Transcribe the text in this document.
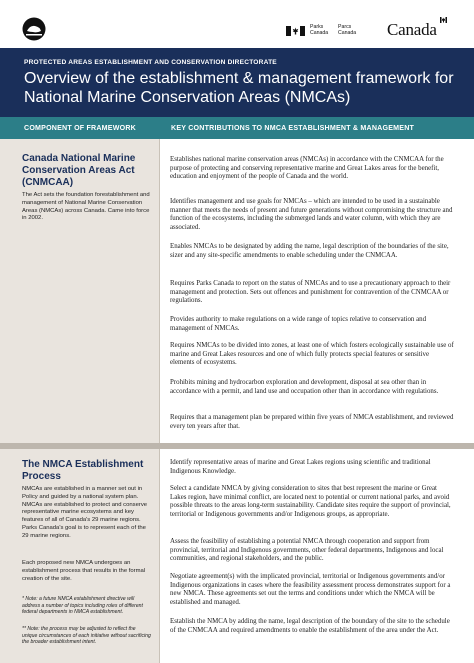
Parks
Canada
Parcs
Canada Canada
PROTECTED AREAS ESTABLISHMENT AND CONSERVATION DIRECTORATE
Overview of the establishment & management framework for National Marine Conservation Areas (NMCAs)
COMPONENT OF FRAMEWORK	KEY CONTRIBUTIONS TO NMCA ESTABLISHMENT & MANAGEMENT
Canada National Marine Conservation Areas Act (CNMCAA)
The Act sets the foundation forestablishment and management of National Marine Conservation Areas (NMCAs) across Canada. Came into force in 2002.

Establishes national marine conservation areas (NMCAs) in accordance with the CNMCAA for the purpose of protecting and conserving representative marine and Great Lakes areas for the benefit, education and enjoyment of the people of Canada and the world.

Identifies management and use goals for NMCAs – which are intended to be used in a sustainable manner that meets the needs of present and future generations without compromising the structure and function of the ecosystems, including the submerged lands and water column, with which they are associated.

Enables NMCAs to be designated by adding the name, legal description of the boundaries of the site, sizer and any site-specific amendments to enable scheduling under the CNMCAA.

Requires Parks Canada to report on the status of NMCAs and to use a precautionary approach to their management and protection. Sets out offences and punishment for contravention of the CNMCAA or regulations.

Provides authority to make regulations on a wide range of topics relative to conservation and management of NMCAs.

Requires NMCAs to be divided into zones, at least one of which fosters ecologically sustainable use of marine and Great Lakes resources and one of which fully protects special features or sensitive elements of ecosystems.

Prohibits mining and hydrocarbon exploration and development, disposal at sea other than in accordance with a permit, and land use and occupation other than in accordance with regulations.

Requires that a management plan be prepared within five years of NMCA establishment, and reviewed every ten years after that.

The NMCA Establishment Process
NMCAs are established in a manner set out in Policy and guided by a national system plan. NMCAs are established to protect and conserve representative marine ecosystems and key features of all of Canada's 29 marine regions. Parks Canada's goal is to represent each of the 29 marine regions.
Each proposed new NMCA undergoes an establishment process that results in the formal creation of the site.
* Note: a future NMCA establishment directive will address a number of topics including roles of different federal departments in NMCA establishment.
** Note: the process may be adjusted to reflect the unique circumstances of each initiative without sacrificing the broader establishment intent.

Identify representative areas of marine and Great Lakes regions using scientific and traditional Indigenous Knowledge.

Select a candidate NMCA by giving consideration to sites that best represent the marine or Great Lakes region, have minimal conflict, are located next to potential or current national parks, and avoid possible threats to the areas long-term sustainability. Candidate sites require the support of provincial, territorial or Indigenous governments and/or Indigenous groups, as appropriate.

Assess the feasibility of establishing a potential NMCA through cooperation and support from provincial, territorial and Indigenous governments, other federal departments, Indigenous and local communities, and regional stakeholders, and the public.

Negotiate agreement(s) with the implicated provincial, territorial or Indigenous governments and/or Indigenous organizations in cases where the feasibility assessment process demonstrates support for a new NMCA. These agreements set out the terms and conditions under which the NMCA will be established and managed.

Establish the NMCA by adding the name, legal description of the boundary of the site to the schedule of the CNMCAA and required amendments to enable the establishment of the area under the Act.
